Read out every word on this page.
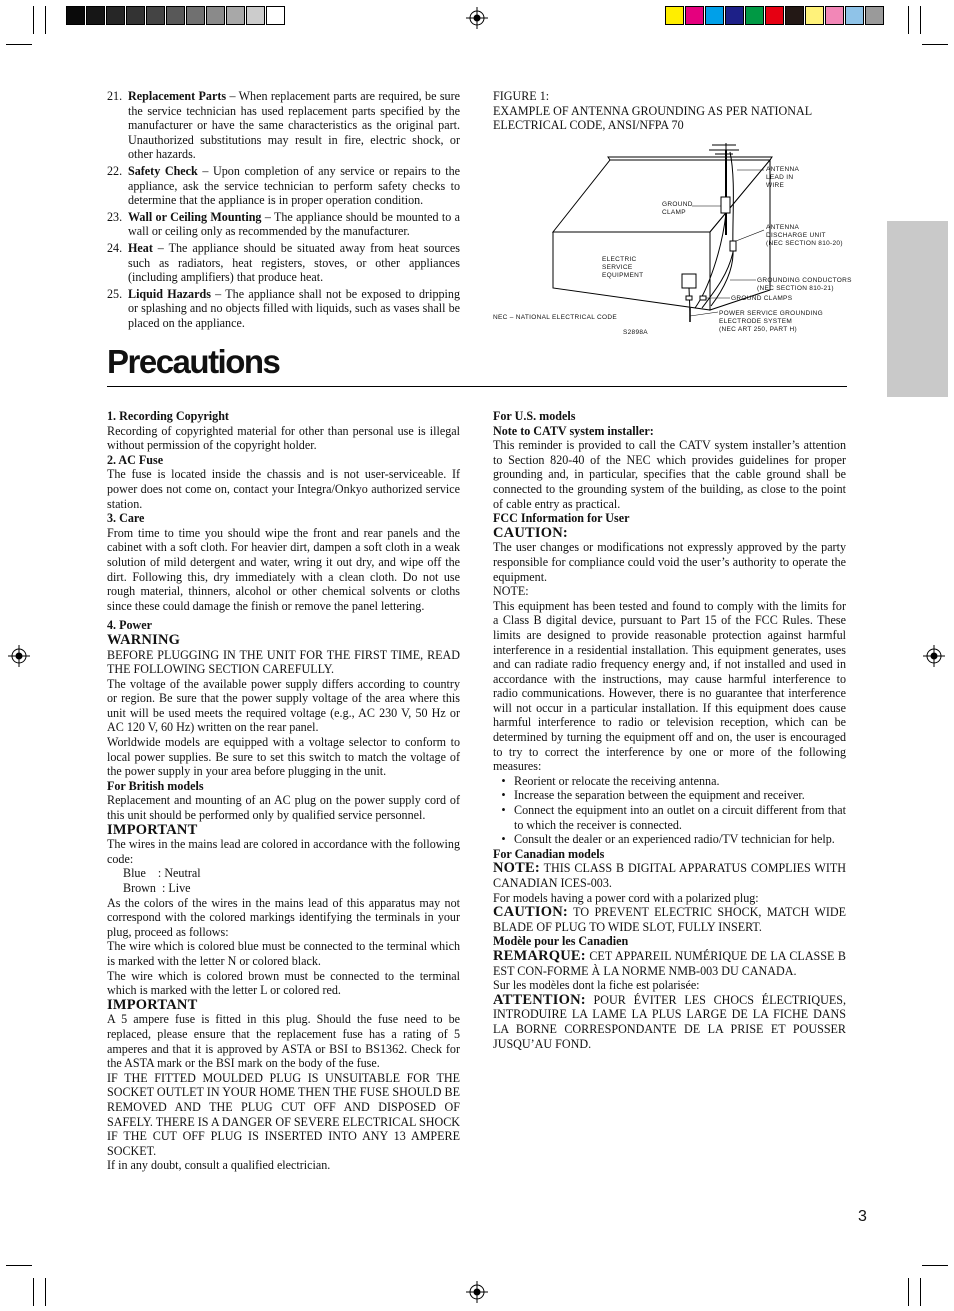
21. Replacement Parts – When replacement parts are required, be sure the service technician has used replacement parts specified by the manufacturer or have the same characteristics as the original part. Unauthorized substitutions may result in fire, electric shock, or other hazards.
22. Safety Check – Upon completion of any service or repairs to the appliance, ask the service technician to perform safety checks to determine that the appliance is in proper operation condition.
23. Wall or Ceiling Mounting – The appliance should be mounted to a wall or ceiling only as recommended by the manufacturer.
24. Heat – The appliance should be situated away from heat sources such as radiators, heat registers, stoves, or other appliances (including amplifiers) that produce heat.
25. Liquid Hazards – The appliance shall not be exposed to dripping or splashing and no objects filled with liquids, such as vases shall be placed on the appliance.
FIGURE 1:
EXAMPLE OF ANTENNA GROUNDING AS PER NATIONAL
ELECTRICAL CODE, ANSI/NFPA 70
ANTENNA
LEAD IN
WIRE
GROUND
CLAMP
ANTENNA
DISCHARGE UNIT
(NEC SECTION 810-20)
ELECTRIC
SERVICE
EQUIPMENT
GROUNDING CONDUCTORS
(NEC SECTION 810-21)
GROUND CLAMPS
POWER SERVICE GROUNDING
ELECTRODE SYSTEM
(NEC ART 250, PART H)
NEC – NATIONAL ELECTRICAL CODE
S2898A
Precautions

1. Recording Copyright

Recording of copyrighted material for other than personal use is illegal without permission of the copyright holder.

2. AC Fuse

The fuse is located inside the chassis and is not user-serviceable. If power does not come on, contact your Integra/Onkyo authorized service station.

3. Care

From time to time you should wipe the front and rear panels and the cabinet with a soft cloth. For heavier dirt, dampen a soft cloth in a weak solution of mild detergent and water, wring it out dry, and wipe off the dirt. Following this, dry immediately with a clean cloth. Do not use rough material, thinners, alcohol or other chemical solvents or cloths since these could damage the finish or remove the panel lettering.

4. Power

WARNING

BEFORE PLUGGING IN THE UNIT FOR THE FIRST TIME, READ THE FOLLOWING SECTION CAREFULLY.

The voltage of the available power supply differs according to country or region. Be sure that the power supply voltage of the area where this unit will be used meets the required voltage (e.g., AC 230 V, 50 Hz or AC 120 V, 60 Hz) written on the rear panel.

Worldwide models are equipped with a voltage selector to conform to local power supplies. Be sure to set this switch to match the voltage of the power supply in your area before plugging in the unit.

For British models

Replacement and mounting of an AC plug on the power supply cord of this unit should be performed only by qualified service personnel.

IMPORTANT

The wires in the mains lead are colored in accordance with the following code:

Blue    : Neutral

Brown  : Live

As the colors of the wires in the mains lead of this apparatus may not correspond with the colored markings identifying the terminals in your plug, proceed as follows:

The wire which is colored blue must be connected to the terminal which is marked with the letter N or colored black.

The wire which is colored brown must be connected to the terminal which is marked with the letter L or colored red.

IMPORTANT

A 5 ampere fuse is fitted in this plug. Should the fuse need to be replaced, please ensure that the replacement fuse has a rating of 5 amperes and that it is approved by ASTA or BSI to BS1362. Check for the ASTA mark or the BSI mark on the body of the fuse.

IF THE FITTED MOULDED PLUG IS UNSUITABLE FOR THE SOCKET OUTLET IN YOUR HOME THEN THE FUSE SHOULD BE REMOVED AND THE PLUG CUT OFF AND DISPOSED OF SAFELY. THERE IS A DANGER OF SEVERE ELECTRICAL SHOCK IF THE CUT OFF PLUG IS INSERTED INTO ANY 13 AMPERE SOCKET.

If in any doubt, consult a qualified electrician.

For U.S. models

Note to CATV system installer:

This reminder is provided to call the CATV system installer’s attention to Section 820-40 of the NEC which provides guidelines for proper grounding and, in particular, specifies that the cable ground shall be connected to the grounding system of the building, as close to the point of cable entry as practical.

FCC Information for User

CAUTION:

The user changes or modifications not expressly approved by the party responsible for compliance could void the user’s authority to operate the equipment.

NOTE:

This equipment has been tested and found to comply with the limits for a Class B digital device, pursuant to Part 15 of the FCC Rules. These limits are designed to provide reasonable protection against harmful interference in a residential installation. This equipment generates, uses and can radiate radio frequency energy and, if not installed and used in accordance with the instructions, may cause harmful interference to radio communications. However, there is no guarantee that interference will not occur in a particular installation. If this equipment does cause harmful interference to radio or television reception, which can be determined by turning the equipment off and on, the user is encouraged to try to correct the interference by one or more of the following measures:

• Reorient or relocate the receiving antenna.
• Increase the separation between the equipment and receiver.
• Connect the equipment into an outlet on a circuit different from that to which the receiver is connected.
• Consult the dealer or an experienced radio/TV technician for help.

For Canadian models

NOTE: THIS CLASS B DIGITAL APPARATUS COMPLIES WITH CANADIAN ICES-003.

For models having a power cord with a polarized plug:

CAUTION: TO PREVENT ELECTRIC SHOCK, MATCH WIDE BLADE OF PLUG TO WIDE SLOT, FULLY INSERT.

Modèle pour les Canadien

REMARQUE: CET APPAREIL NUMÉRIQUE DE LA CLASSE B EST CON-FORME À LA NORME NMB-003 DU CANADA.

Sur les modèles dont la fiche est polarisée:

ATTENTION: POUR ÉVITER LES CHOCS ÉLECTRIQUES, INTRODUIRE LA LAME LA PLUS LARGE DE LA FICHE DANS LA BORNE CORRESPONDANTE DE LA PRISE ET POUSSER JUSQU’AU FOND.

3
